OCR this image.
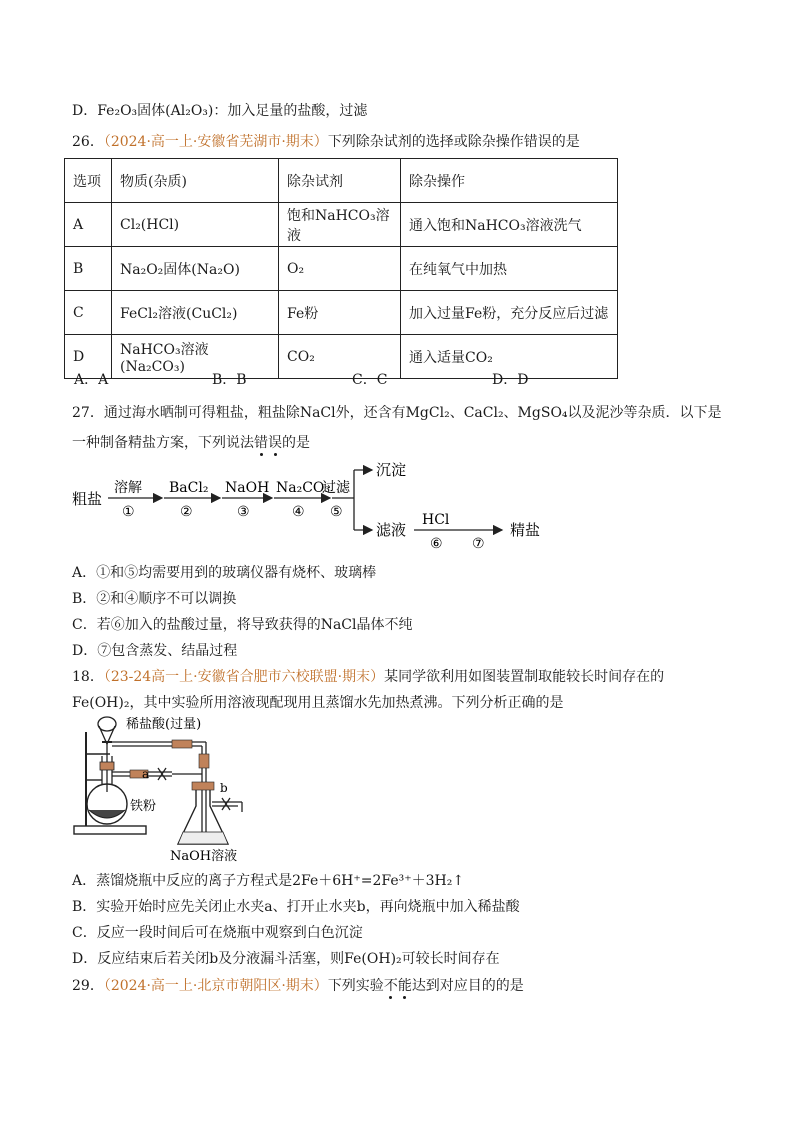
D．Fe₂O₃固体(Al₂O₃)：加入足量的盐酸，过滤
26．（2024·高一上·安徽省芜湖市·期末）下列除杂试剂的选择或除杂操作错误的是
选项	物质(杂质)	除杂试剂	除杂操作
A	Cl₂(HCl)	饱和NaHCO₃溶液	通入饱和NaHCO₃溶液洗气
B	Na₂O₂固体(Na₂O)	O₂	在纯氧气中加热
C	FeCl₂溶液(CuCl₂)	Fe粉	加入过量Fe粉，充分反应后过滤
D	NaHCO₃溶液(Na₂CO₃)	CO₂	通入适量CO₂
A．A	B．B	C．C	D．D
27．通过海水晒制可得粗盐，粗盐除NaCl外，还含有MgCl₂、CaCl₂、MgSO₄以及泥沙等杂质．以下是
一种制备精盐方案，下列说法错误的是
粗盐
溶解
①
BaCl₂
②
NaOH
③
Na₂CO₃
④
过滤
⑤
沉淀
滤液
HCl
⑥ ⑦
精盐
A．①和⑤均需要用到的玻璃仪器有烧杯、玻璃棒
B．②和④顺序不可以调换
C．若⑥加入的盐酸过量，将导致获得的NaCl晶体不纯
D．⑦包含蒸发、结晶过程
18．（23-24高一上·安徽省合肥市六校联盟·期末）某同学欲利用如图装置制取能较长时间存在的
Fe(OH)₂，其中实验所用溶液现配现用且蒸馏水先加热煮沸。下列分析正确的是
a
b
稀盐酸(过量)
铁粉
NaOH溶液
A．蒸馏烧瓶中反应的离子方程式是2Fe＋6H⁺=2Fe³⁺＋3H₂↑
B．实验开始时应先关闭止水夹a、打开止水夹b，再向烧瓶中加入稀盐酸
C．反应一段时间后可在烧瓶中观察到白色沉淀
D．反应结束后若关闭b及分液漏斗活塞，则Fe(OH)₂可较长时间存在
29．（2024·高一上·北京市朝阳区·期末）下列实验不能达到对应目的的是
